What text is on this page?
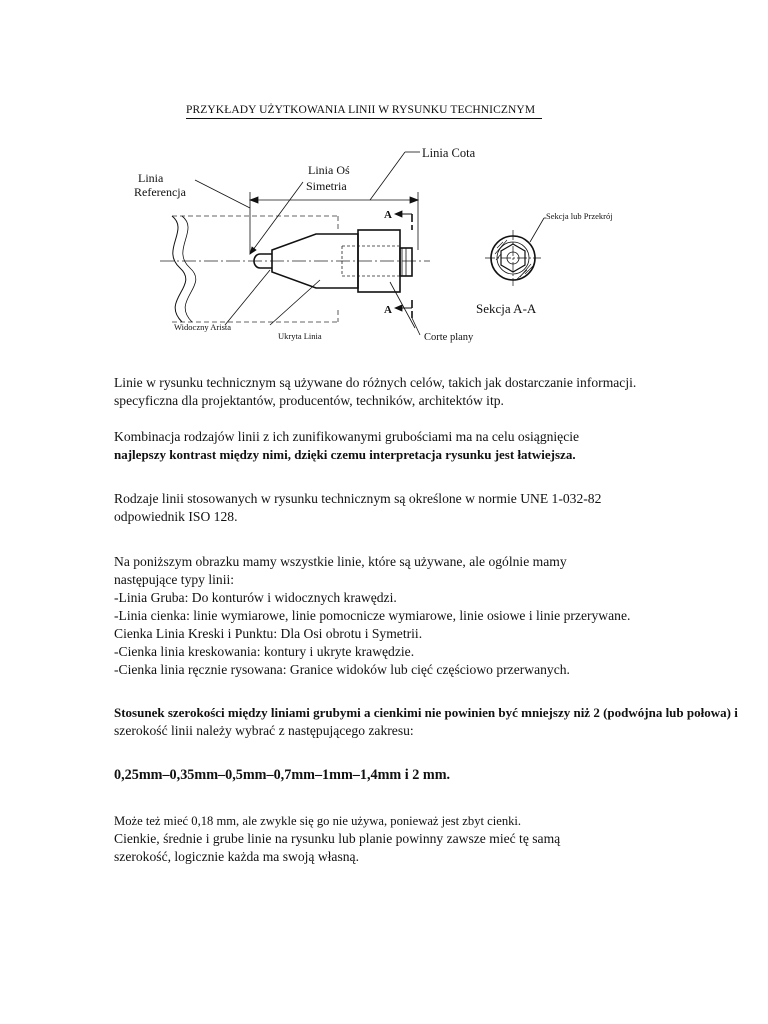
PRZYKŁADY UŻYTKOWANIA LINII W RYSUNKU TECHNICZNYM
Linia
Referencja
Linia Oś
Simetria
Linia Cota
A
A
Sekcja lub Przekrój
Sekcja A-A
Widoczny Arista
Ukryta Linia	Corte plany

Linie w rysunku technicznym są używane do różnych celów, takich jak dostarczanie informacji.

specyficzna dla projektantów, producentów, techników, architektów itp.

Kombinacja rodzajów linii z ich zunifikowanymi grubościami ma na celu osiągnięcie

najlepszy kontrast między nimi, dzięki czemu interpretacja rysunku jest łatwiejsza.

Rodzaje linii stosowanych w rysunku technicznym są określone w normie UNE 1-032-82

odpowiednik ISO 128.

Na poniższym obrazku mamy wszystkie linie, które są używane, ale ogólnie mamy

następujące typy linii:

-Linia Gruba: Do konturów i widocznych krawędzi.

-Linia cienka: linie wymiarowe, linie pomocnicze wymiarowe, linie osiowe i linie przerywane.

Cienka Linia Kreski i Punktu: Dla Osi obrotu i Symetrii.

-Cienka linia kreskowania: kontury i ukryte krawędzie.

-Cienka linia ręcznie rysowana: Granice widoków lub cięć częściowo przerwanych.

Stosunek szerokości między liniami grubymi a cienkimi nie powinien być mniejszy niż 2 (podwójna lub połowa) i

szerokość linii należy wybrać z następującego zakresu:

0,25mm–0,35mm–0,5mm–0,7mm–1mm–1,4mm i 2 mm.

Może też mieć 0,18 mm, ale zwykle się go nie używa, ponieważ jest zbyt cienki.

Cienkie, średnie i grube linie na rysunku lub planie powinny zawsze mieć tę samą

szerokość, logicznie każda ma swoją własną.
